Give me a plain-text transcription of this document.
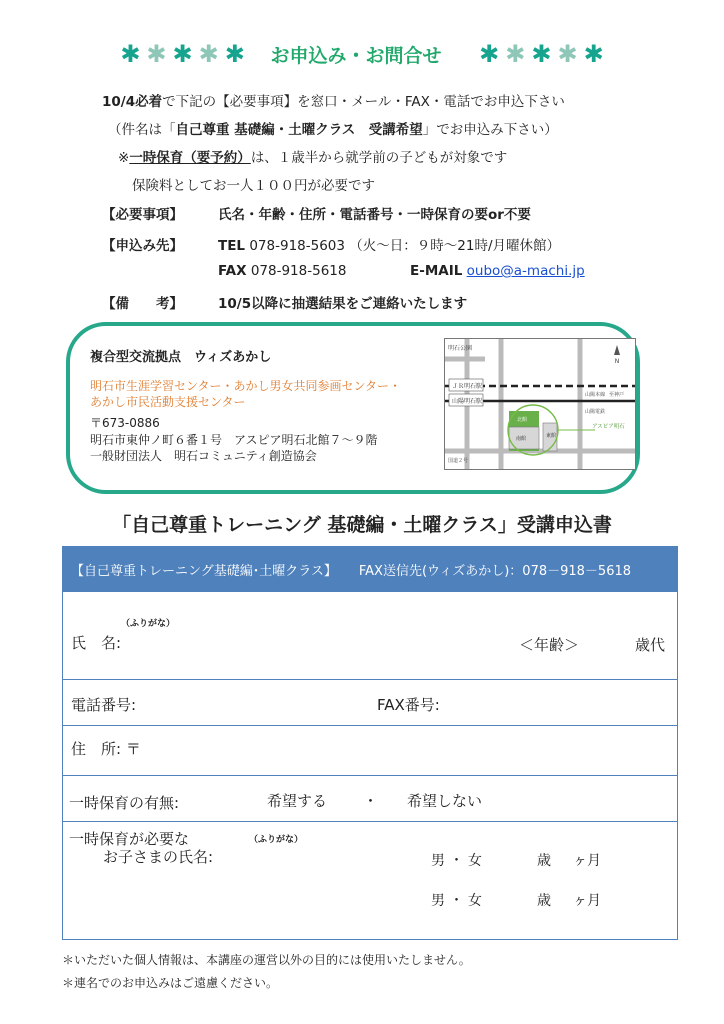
✱ ✱ ✱ ✱ ✱ お申込み・お問合せ ✱ ✱ ✱ ✱ ✱
10/4必着で下記の【必要事項】を窓口・メール・FAX・電話でお申込下さい
（件名は「自己尊重 基礎編・土曜クラス　受講希望」でお申込み下さい）
※一時保育（要予約）は、１歳半から就学前の子どもが対象です
保険料としてお一人１００円が必要です
【必要事項】	氏名・年齢・住所・電話番号・一時保育の要or不要
【申込み先】	TEL 078-918-5603 （火〜日：９時〜21時/月曜休館）
FAX 078-918-5618	E-MAIL oubo@a-machi.jp
【備　　考】	10/5以降に抽選結果をご連絡いたします
複合型交流拠点　ウィズあかし
明石市生涯学習センター・あかし男女共同参画センター・
あかし市民活動支援センター
〒673-0886
明石市東仲ノ町６番１号　アスピア明石北館７〜９階
一般財団法人　明石コミュニティ創造協会
N
明石公園
ＪＲ明石駅
山陽明石駅
山陽本線 至神戸
山陽電鉄
アスピア明石
北館
南館	東館
国道２号
「自己尊重トレーニング 基礎編・土曜クラス」受講申込書
【自己尊重トレーニング基礎編･土曜クラス】 FAX送信先(ウィズあかし)：078－918－5618
（ふりがな）
氏　名:	＜年齢＞	歳代
電話番号:	FAX番号:
住　所: 〒
一時保育の有無:	希望する ・ 希望しない
一時保育が必要な
お子さまの氏名:
（ふりがな）
男 ・ 女	歳 ヶ月
男 ・ 女	歳 ヶ月
＊いただいた個人情報は、本講座の運営以外の目的には使用いたしません。
＊連名でのお申込みはご遠慮ください。
